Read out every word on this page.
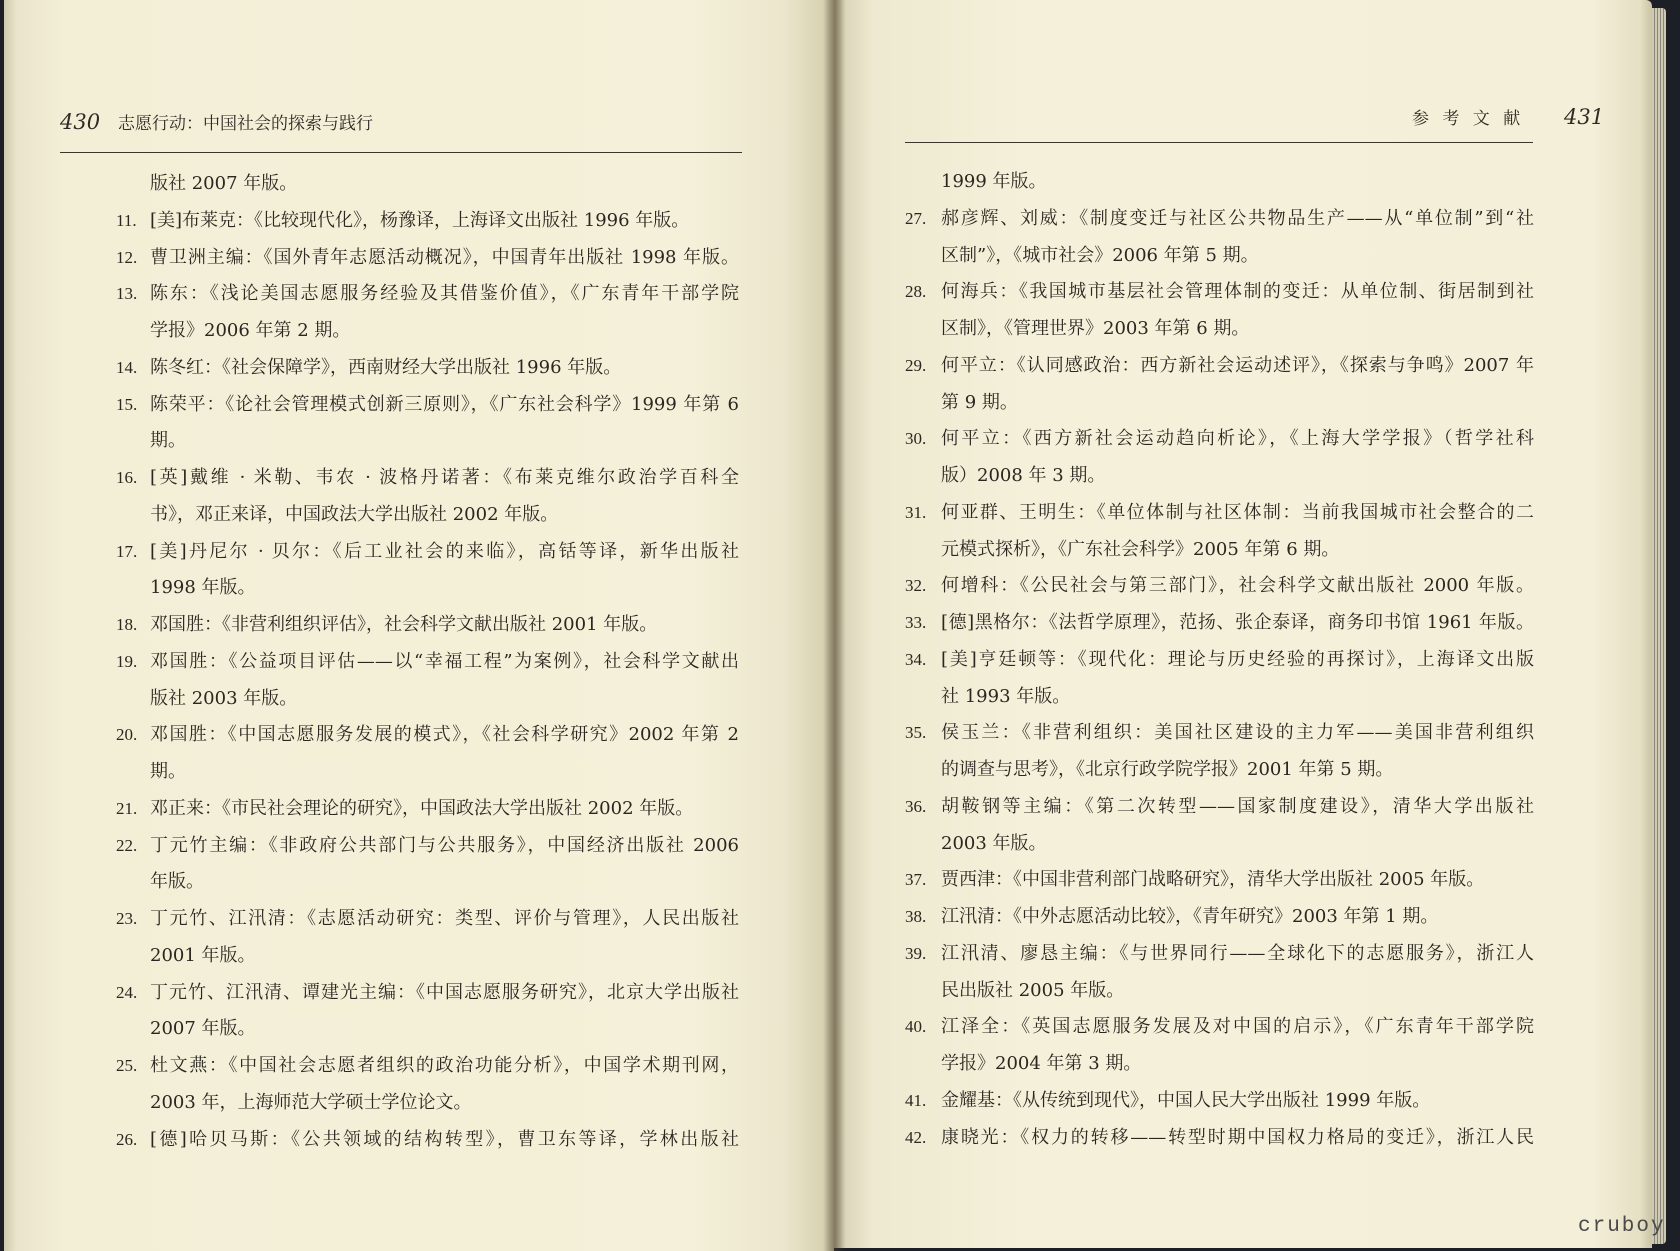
430 志愿行动：中国社会的探索与践行	参 考 文 献 431
版社 2007 年版。
11. [美]布莱克：《比较现代化》，杨豫译，上海译文出版社 1996 年版。
12. 曹卫洲主编：《国外青年志愿活动概况》，中国青年出版社 1998 年版。
13. 陈东：《浅论美国志愿服务经验及其借鉴价值》，《广东青年干部学院
学报》2006 年第 2 期。
14. 陈冬红：《社会保障学》，西南财经大学出版社 1996 年版。
15. 陈荣平：《论社会管理模式创新三原则》，《广东社会科学》1999 年第 6
期。
16. [英]戴维 · 米勒、韦农 · 波格丹诺著：《布莱克维尔政治学百科全
书》，邓正来译，中国政法大学出版社 2002 年版。
17. [美]丹尼尔 · 贝尔：《后工业社会的来临》，高铦等译，新华出版社
1998 年版。
18. 邓国胜：《非营利组织评估》，社会科学文献出版社 2001 年版。
19. 邓国胜：《公益项目评估——以“幸福工程”为案例》，社会科学文献出
版社 2003 年版。
20. 邓国胜：《中国志愿服务发展的模式》，《社会科学研究》2002 年第 2
期。
21. 邓正来：《市民社会理论的研究》，中国政法大学出版社 2002 年版。
22. 丁元竹主编：《非政府公共部门与公共服务》，中国经济出版社 2006
年版。
23. 丁元竹、江汛清：《志愿活动研究：类型、评价与管理》，人民出版社
2001 年版。
24. 丁元竹、江汛清、谭建光主编：《中国志愿服务研究》，北京大学出版社
2007 年版。
25. 杜文燕：《中国社会志愿者组织的政治功能分析》，中国学术期刊网，
2003 年，上海师范大学硕士学位论文。
26. [德]哈贝马斯：《公共领域的结构转型》，曹卫东等译，学林出版社
1999 年版。
27. 郝彦辉、刘威：《制度变迁与社区公共物品生产——从“单位制”到“社
区制”》，《城市社会》2006 年第 5 期。
28. 何海兵：《我国城市基层社会管理体制的变迁：从单位制、街居制到社
区制》，《管理世界》2003 年第 6 期。
29. 何平立：《认同感政治：西方新社会运动述评》，《探索与争鸣》2007 年
第 9 期。
30. 何平立：《西方新社会运动趋向析论》，《上海大学学报》（哲学社科
版）2008 年 3 期。
31. 何亚群、王明生：《单位体制与社区体制：当前我国城市社会整合的二
元模式探析》，《广东社会科学》2005 年第 6 期。
32. 何增科：《公民社会与第三部门》，社会科学文献出版社 2000 年版。
33. [德]黑格尔：《法哲学原理》，范扬、张企泰译，商务印书馆 1961 年版。
34. [美]亨廷顿等：《现代化：理论与历史经验的再探讨》，上海译文出版
社 1993 年版。
35. 侯玉兰：《非营利组织：美国社区建设的主力军——美国非营利组织
的调查与思考》，《北京行政学院学报》2001 年第 5 期。
36. 胡鞍钢等主编：《第二次转型——国家制度建设》，清华大学出版社
2003 年版。
37. 贾西津：《中国非营利部门战略研究》，清华大学出版社 2005 年版。
38. 江汛清：《中外志愿活动比较》，《青年研究》2003 年第 1 期。
39. 江汛清、廖恳主编：《与世界同行——全球化下的志愿服务》，浙江人
民出版社 2005 年版。
40. 江泽全：《英国志愿服务发展及对中国的启示》，《广东青年干部学院
学报》2004 年第 3 期。
41. 金耀基：《从传统到现代》，中国人民大学出版社 1999 年版。
42. 康晓光：《权力的转移——转型时期中国权力格局的变迁》，浙江人民
cruboy
